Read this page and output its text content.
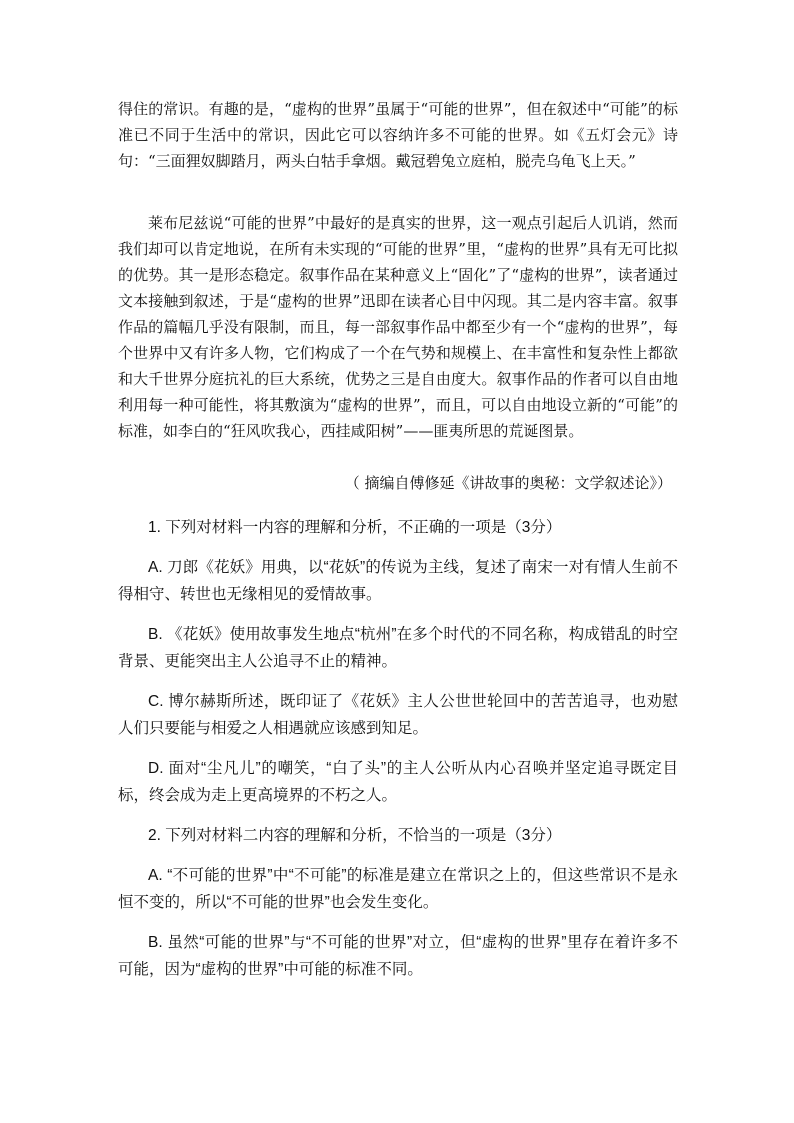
得住的常识。有趣的是，“虚构的世界”虽属于“可能的世界”，但在叙述中“可能”的标准已不同于生活中的常识，因此它可以容纳许多不可能的世界。如《五灯会元》诗句：“三面狸奴脚踏月，两头白牯手拿烟。戴冠碧兔立庭柏，脱壳乌龟飞上天。”

莱布尼兹说“可能的世界”中最好的是真实的世界，这一观点引起后人讥诮，然而我们却可以肯定地说，在所有未实现的“可能的世界”里，“虚构的世界”具有无可比拟的优势。其一是形态稳定。叙事作品在某种意义上“固化”了“虚构的世界”，读者通过文本接触到叙述，于是“虚构的世界”迅即在读者心目中闪现。其二是内容丰富。叙事作品的篇幅几乎没有限制，而且，每一部叙事作品中都至少有一个“虚构的世界”，每个世界中又有许多人物，它们构成了一个在气势和规模上、在丰富性和复杂性上都欲和大千世界分庭抗礼的巨大系统，优势之三是自由度大。叙事作品的作者可以自由地利用每一种可能性，将其敷演为“虚构的世界”，而且，可以自由地设立新的“可能”的标准，如李白的“狂风吹我心，西挂咸阳树”——匪夷所思的荒诞图景。

（ 摘编自傅修延《讲故事的奥秘：文学叙述论》）

1. 下列对材料一内容的理解和分析，不正确的一项是（3分）

A. 刀郎《花妖》用典，以“花妖”的传说为主线，复述了南宋一对有情人生前不得相守、转世也无缘相见的爱情故事。

B. 《花妖》使用故事发生地点“杭州”在多个时代的不同名称，构成错乱的时空背景、更能突出主人公追寻不止的精神。

C. 博尔赫斯所述，既印证了《花妖》主人公世世轮回中的苦苦追寻，也劝慰人们只要能与相爱之人相遇就应该感到知足。

D. 面对“尘凡儿”的嘲笑，“白了头”的主人公听从内心召唤并坚定追寻既定目标，终会成为走上更高境界的不朽之人。

2. 下列对材料二内容的理解和分析，不恰当的一项是（3分）

A. “不可能的世界”中“不可能”的标准是建立在常识之上的，但这些常识不是永恒不变的，所以“不可能的世界”也会发生变化。

B. 虽然“可能的世界”与“不可能的世界”对立，但“虚构的世界”里存在着许多不可能，因为“虚构的世界”中可能的标准不同。
